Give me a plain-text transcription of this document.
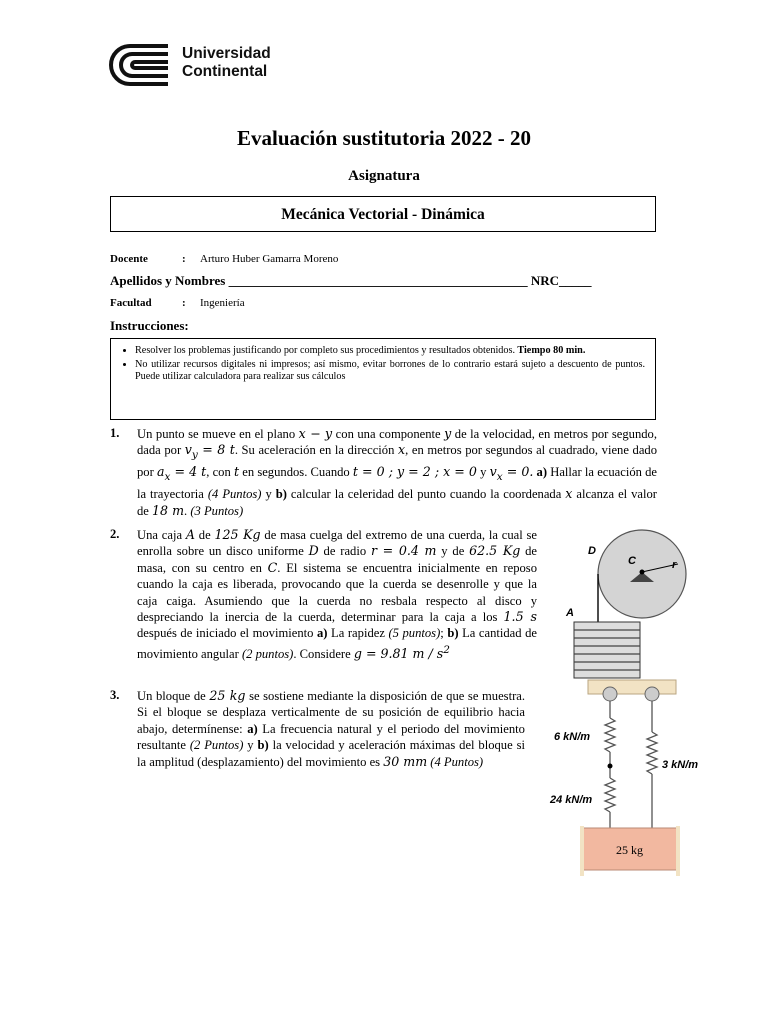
Universidad
Continental
Evaluación sustitutoria 2022 - 20
Asignatura
Mecánica Vectorial - Dinámica
Docente	: Arturo Huber Gamarra Moreno
Apellidos y Nombres ______________________________________________ NRC_____
Facultad	: Ingeniería
Instrucciones:
• Resolver los problemas justificando por completo sus procedimientos y resultados obtenidos. Tiempo 80 min.
• No utilizar recursos digitales ni impresos; así mismo, evitar borrones de lo contrario estará sujeto a descuento de puntos. Puede utilizar calculadora para realizar sus cálculos
1. Un punto se mueve en el plano x − y con una componente y de la velocidad, en metros por segundo, dada por $v_y = 8$ t. Su aceleración en la dirección x, en metros por segundos al cuadrado, viene dado por $a_x = 4$ t, con t en segundos. Cuando t = 0 ; y = 2 ; x = 0 y $v_x = 0$. a) Hallar la ecuación de la trayectoria (4 Puntos) y b) calcular la celeridad del punto cuando la coordenada x alcanza el valor de 18 m. (3 Puntos)
2. Una caja A de 125 Kg de masa cuelga del extremo de una cuerda, la cual se enrolla sobre un disco uniforme D de radio r = 0.4 m y de 62.5 Kg de masa, con su centro en C. El sistema se encuentra inicialmente en reposo cuando la caja es liberada, provocando que la cuerda se desenrolle y que la caja caiga. Asumiendo que la cuerda no resbala respecto al disco y despreciando la inercia de la cuerda, determinar para la caja a los 1.5 s después de iniciado el movimiento a) La rapidez (5 puntos); b) La cantidad de movimiento angular (2 puntos). Considere g = 9.81 m / $s^2$
D
C	r
A
3. Un bloque de 25 kg se sostiene mediante la disposición de que se muestra. Si el bloque se desplaza verticalmente de su posición de equilibrio hacia abajo, determínense: a) La frecuencia natural y el periodo del movimiento resultante (2 Puntos) y b) la velocidad y aceleración máximas del bloque si la amplitud (desplazamiento) del movimiento es 30 mm (4 Puntos)
6 kN/m
3 kN/m
24 kN/m
25 kg
